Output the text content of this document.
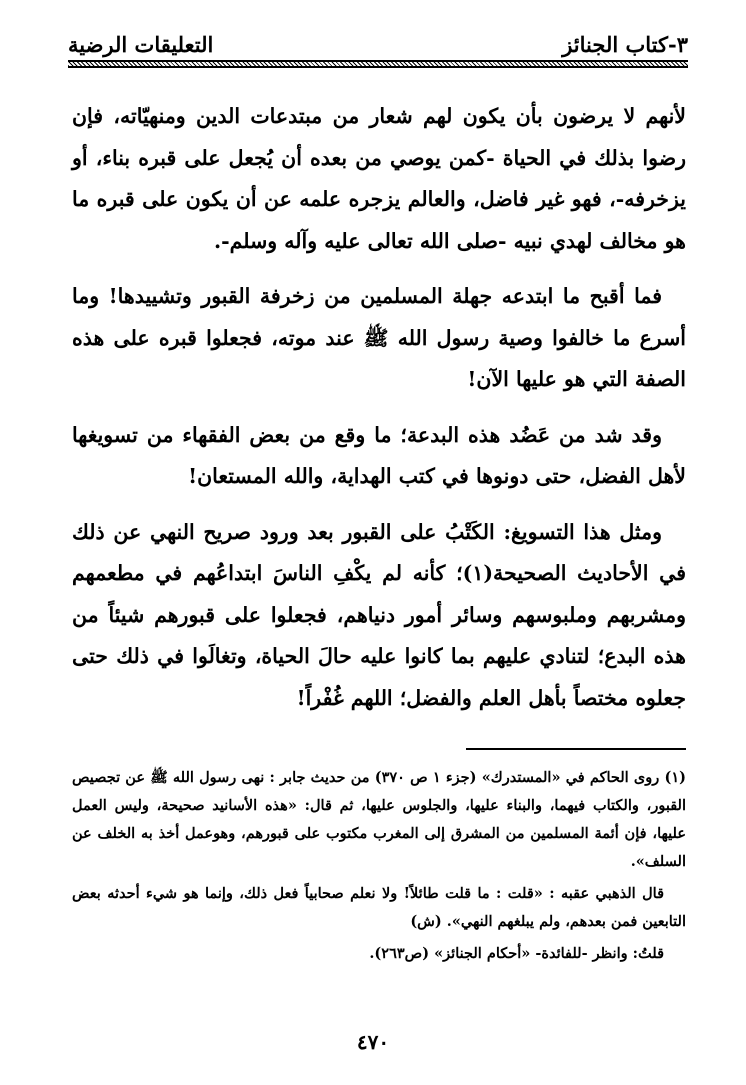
التعليقات الرضية	٣-كتاب الجنائز

لأنهم لا يرضون بأن يكون لهم شعار من مبتدعات الدين ومنهيّاته، فإن رضوا بذلك في الحياة -كمن يوصي من بعده أن يُجعل على قبره بناء، أو يزخرفه-، فهو غير فاضل، والعالم يزجره علمه عن أن يكون على قبره ما هو مخالف لهدي نبيه -صلى الله تعالى عليه وآله وسلم-.

فما أقبح ما ابتدعه جهلة المسلمين من زخرفة القبور وتشييدها! وما أسرع ما خالفوا وصية رسول الله ﷺ عند موته، فجعلوا قبره على هذه الصفة التي هو عليها الآن!

وقد شد من عَضُد هذه البدعة؛ ما وقع من بعض الفقهاء من تسويغها لأهل الفضل، حتى دونوها في كتب الهداية، والله المستعان!

ومثل هذا التسويغ: الكَتْبُ على القبور بعد ورود صريح النهي عن ذلك في الأحاديث الصحيحة(١)؛ كأنه لم يكْفِ الناسَ ابتداعُهم في مطعمهم ومشربهم وملبوسهم وسائر أمور دنياهم، فجعلوا على قبورهم شيئاً من هذه البدع؛ لتنادي عليهم بما كانوا عليه حالَ الحياة، وتغالَوا في ذلك حتى جعلوه مختصاً بأهل العلم والفضل؛ اللهم غُفْراً!

(١) روى الحاكم في «المستدرك» (جزء ١ ص ٣٧٠) من حديث جابر : نهى رسول الله ﷺ عن تجصيص القبور، والكتاب فيهما، والبناء عليها، والجلوس عليها، ثم قال: «هذه الأسانيد صحيحة، وليس العمل عليها، فإن أئمة المسلمين من المشرق إلى المغرب مكتوب على قبورهم، وهوعمل أخذ به الخلف عن السلف».

قال الذهبي عقبه : «قلت : ما قلت طائلاً! ولا نعلم صحابياً فعل ذلك، وإنما هو شيء أحدثه بعض التابعين فمن بعدهم، ولم يبلغهم النهي». (ش)

قلتُ: وانظر -للفائدة- «أحكام الجنائز» (ص٢٦٣).

٤٧٠
